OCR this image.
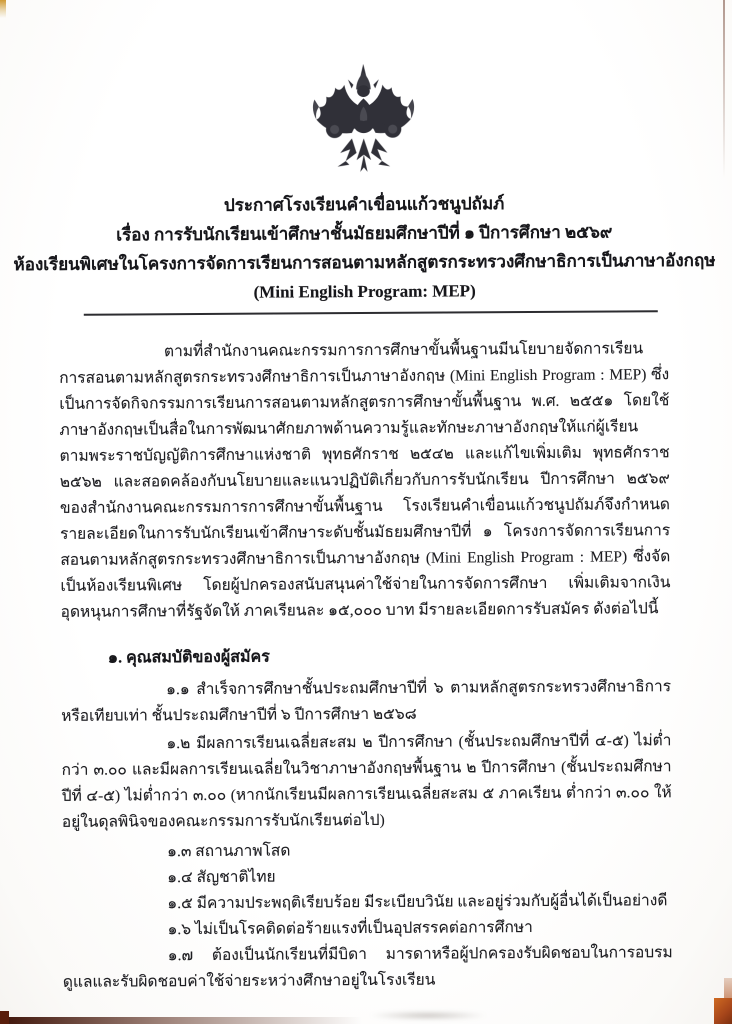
ประกาศโรงเรียนคำเขื่อนแก้วชนูปถัมภ์
เรื่อง การรับนักเรียนเข้าศึกษาชั้นมัธยมศึกษาปีที่ ๑ ปีการศึกษา ๒๕๖๙
ห้องเรียนพิเศษในโครงการจัดการเรียนการสอนตามหลักสูตรกระทรวงศึกษาธิการเป็นภาษาอังกฤษ
(Mini English Program: MEP)

ตามที่สำนักงานคณะกรรมการการศึกษาขั้นพื้นฐานมีนโยบายจัดการเรียนการสอนตามหลักสูตรกระทรวงศึกษาธิการเป็นภาษาอังกฤษ (Mini English Program : MEP) ซึ่งเป็นการจัดกิจกรรมการเรียนการสอนตามหลักสูตรการศึกษาขั้นพื้นฐาน พ.ศ. ๒๕๕๑ โดยใช้ภาษาอังกฤษเป็นสื่อในการพัฒนาศักยภาพด้านความรู้และทักษะภาษาอังกฤษให้แก่ผู้เรียน ตามพระราชบัญญัติการศึกษาแห่งชาติ พุทธศักราช ๒๕๔๒ และแก้ไขเพิ่มเติม พุทธศักราช ๒๕๖๒ และสอดคล้องกับนโยบายและแนวปฏิบัติเกี่ยวกับการรับนักเรียน ปีการศึกษา ๒๕๖๙ ของสำนักงานคณะกรรมการการศึกษาขั้นพื้นฐาน โรงเรียนคำเขื่อนแก้วชนูปถัมภ์จึงกำหนดรายละเอียดในการรับนักเรียนเข้าศึกษาระดับชั้นมัธยมศึกษาปีที่ ๑ โครงการจัดการเรียนการสอนตามหลักสูตรกระทรวงศึกษาธิการเป็นภาษาอังกฤษ (Mini English Program : MEP) ซึ่งจัดเป็นห้องเรียนพิเศษ โดยผู้ปกครองสนับสนุนค่าใช้จ่ายในการจัดการศึกษา เพิ่มเติมจากเงินอุดหนุนการศึกษาที่รัฐจัดให้ ภาคเรียนละ ๑๕,๐๐๐ บาท มีรายละเอียดการรับสมัคร ดังต่อไปนี้

๑. คุณสมบัติของผู้สมัคร

๑.๑ สำเร็จการศึกษาชั้นประถมศึกษาปีที่ ๖ ตามหลักสูตรกระทรวงศึกษาธิการ หรือเทียบเท่า ชั้นประถมศึกษาปีที่ ๖ ปีการศึกษา ๒๕๖๘

๑.๒ มีผลการเรียนเฉลี่ยสะสม ๒ ปีการศึกษา (ชั้นประถมศึกษาปีที่ ๔-๕) ไม่ต่ำกว่า ๓.๐๐ และมีผลการเรียนเฉลี่ยในวิชาภาษาอังกฤษพื้นฐาน ๒ ปีการศึกษา (ชั้นประถมศึกษาปีที่ ๔-๕) ไม่ต่ำกว่า ๓.๐๐ (หากนักเรียนมีผลการเรียนเฉลี่ยสะสม ๕ ภาคเรียน ต่ำกว่า ๓.๐๐ ให้อยู่ในดุลพินิจของคณะกรรมการรับนักเรียนต่อไป)

๑.๓ สถานภาพโสด

๑.๔ สัญชาติไทย

๑.๕ มีความประพฤติเรียบร้อย มีระเบียบวินัย และอยู่ร่วมกับผู้อื่นได้เป็นอย่างดี

๑.๖ ไม่เป็นโรคติดต่อร้ายแรงที่เป็นอุปสรรคต่อการศึกษา

๑.๗ ต้องเป็นนักเรียนที่มีบิดา มารดาหรือผู้ปกครองรับผิดชอบในการอบรม ดูแลและรับผิดชอบค่าใช้จ่ายระหว่างศึกษาอยู่ในโรงเรียน
